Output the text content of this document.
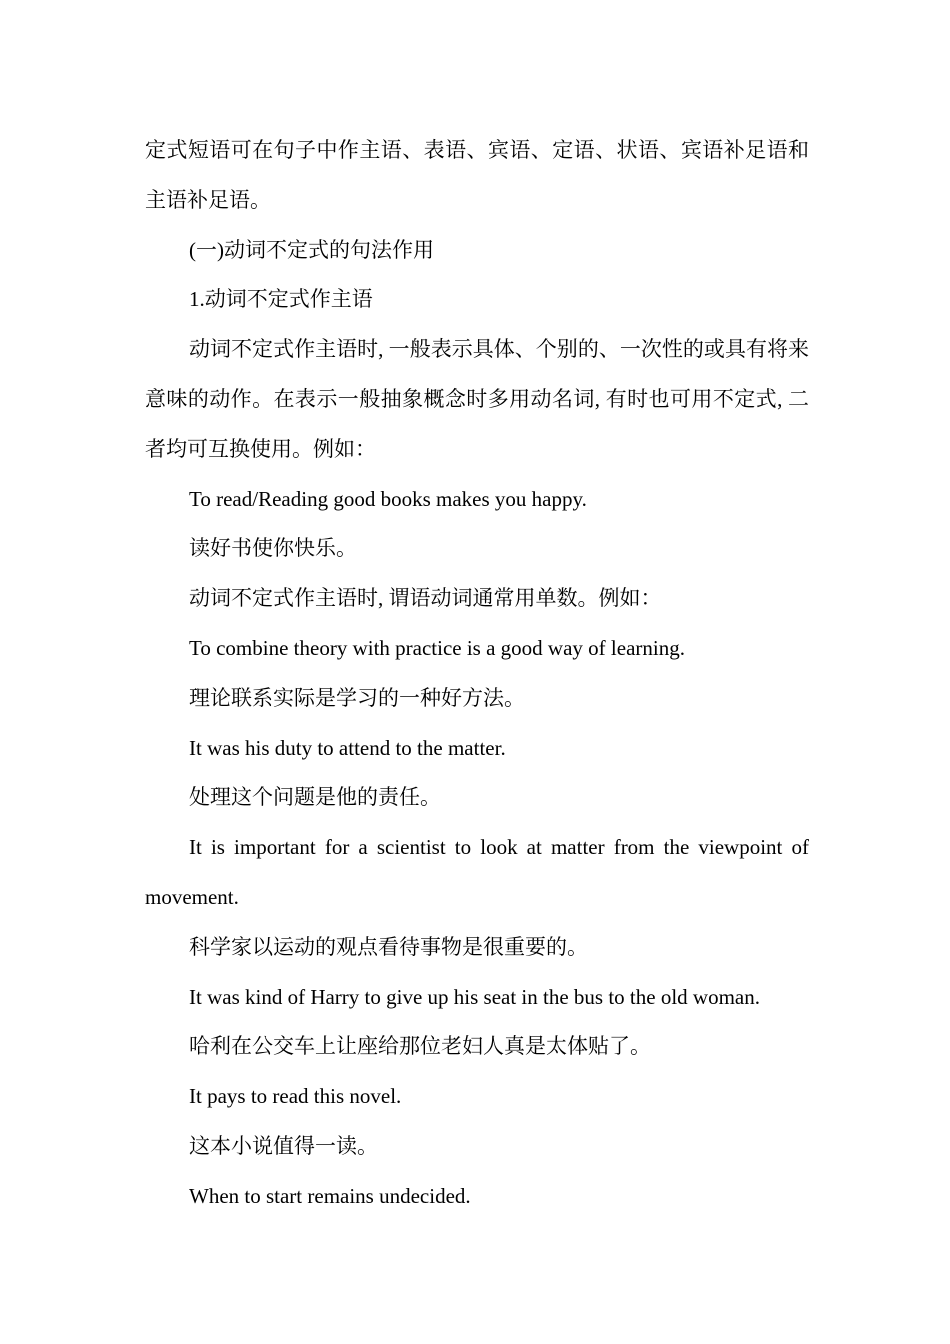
定式短语可在句子中作主语、表语、宾语、定语、状语、宾语补足语和主语补足语。

(一)动词不定式的句法作用

1.动词不定式作主语

动词不定式作主语时, 一般表示具体、个别的、一次性的或具有将来意味的动作。在表示一般抽象概念时多用动名词, 有时也可用不定式, 二者均可互换使用。例如：

To read/Reading good books makes you happy.

读好书使你快乐。

动词不定式作主语时, 谓语动词通常用单数。例如：

To combine theory with practice is a good way of learning.

理论联系实际是学习的一种好方法。

It was his duty to attend to the matter.

处理这个问题是他的责任。

It is important for a scientist to look at matter from the viewpoint of movement.

科学家以运动的观点看待事物是很重要的。

It was kind of Harry to give up his seat in the bus to the old woman.

哈利在公交车上让座给那位老妇人真是太体贴了。

It pays to read this novel.

这本小说值得一读。

When to start remains undecided.
